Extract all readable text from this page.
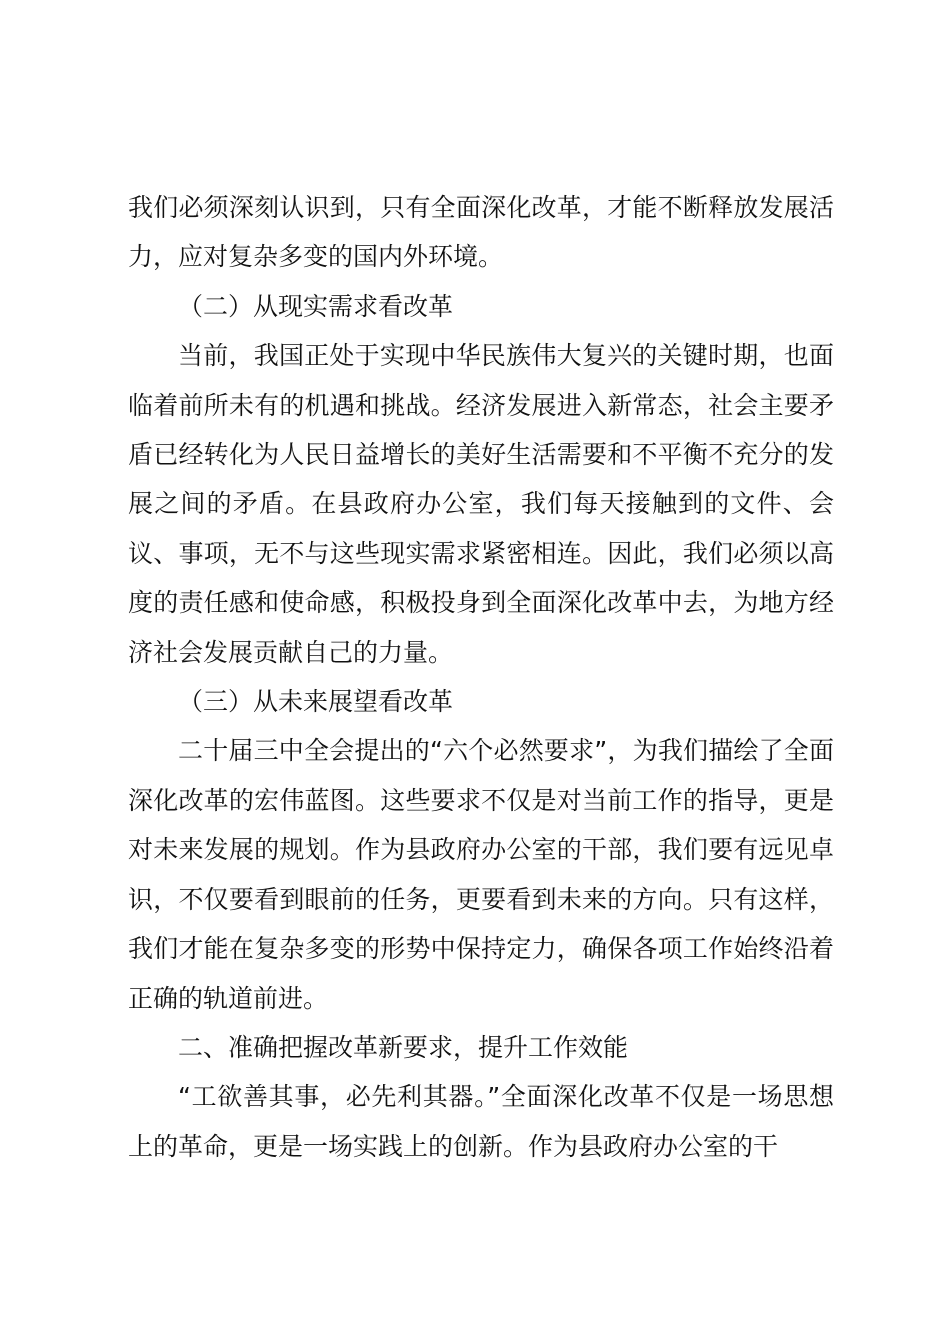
我们必须深刻认识到，只有全面深化改革，才能不断释放发展活力，应对复杂多变的国内外环境。

（二）从现实需求看改革

当前，我国正处于实现中华民族伟大复兴的关键时期，也面临着前所未有的机遇和挑战。经济发展进入新常态，社会主要矛盾已经转化为人民日益增长的美好生活需要和不平衡不充分的发展之间的矛盾。在县政府办公室，我们每天接触到的文件、会议、事项，无不与这些现实需求紧密相连。因此，我们必须以高度的责任感和使命感，积极投身到全面深化改革中去，为地方经济社会发展贡献自己的力量。

（三）从未来展望看改革

二十届三中全会提出的“六个必然要求”，为我们描绘了全面深化改革的宏伟蓝图。这些要求不仅是对当前工作的指导，更是对未来发展的规划。作为县政府办公室的干部，我们要有远见卓识，不仅要看到眼前的任务，更要看到未来的方向。只有这样，我们才能在复杂多变的形势中保持定力，确保各项工作始终沿着正确的轨道前进。

二、准确把握改革新要求，提升工作效能

“工欲善其事，必先利其器。”全面深化改革不仅是一场思想上的革命，更是一场实践上的创新。作为县政府办公室的干
